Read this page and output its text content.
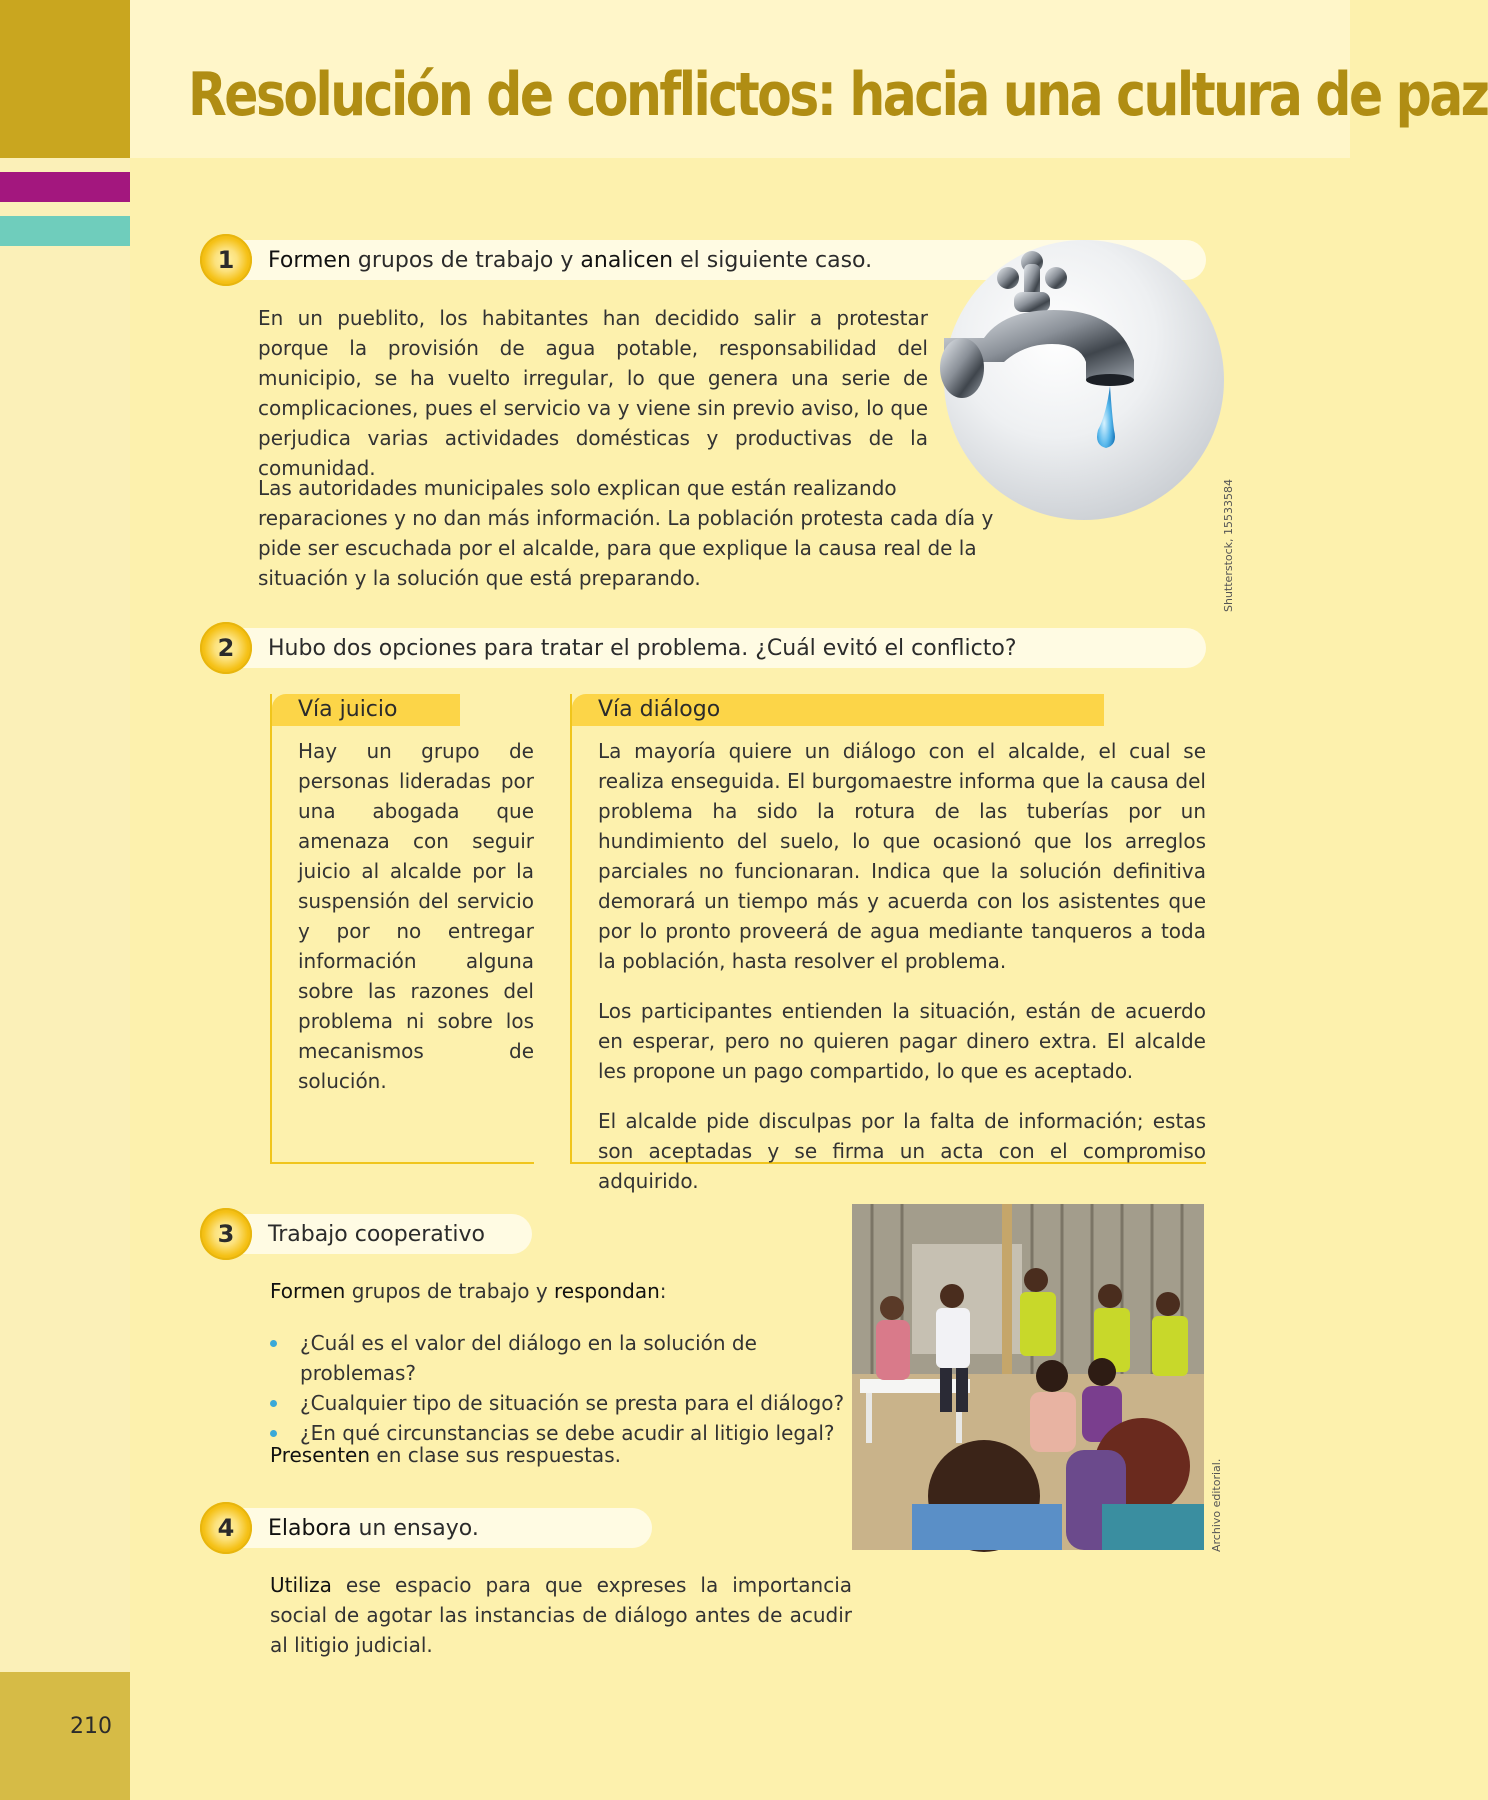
210
Resolución de conflictos: hacia una cultura de paz
1 Formen grupos de trabajo y analicen el siguiente caso.
Shutterstock, 15533584
En un pueblito, los habitantes han decidido salir a protestar porque la provisión de agua potable, responsabilidad del municipio, se ha vuelto irregular, lo que genera una serie de complicaciones, pues el servicio va y viene sin previo aviso, lo que perjudica varias actividades domésticas y productivas de la comunidad.
Las autoridades municipales solo explican que están realizando reparaciones y no dan más información. La población protesta cada día y pide ser escuchada por el alcalde, para que explique la causa real de la situación y la solución que está preparando.
2 Hubo dos opciones para tratar el problema. ¿Cuál evitó el conflicto?
Vía juicio
Hay un grupo de personas lideradas por una abogada que amenaza con seguir juicio al alcalde por la suspensión del servicio y por no entregar información alguna sobre las razones del problema ni sobre los mecanismos de solución.
Vía diálogo
La mayoría quiere un diálogo con el alcalde, el cual se realiza enseguida. El burgomaestre informa que la causa del problema ha sido la rotura de las tuberías por un hundimiento del suelo, lo que ocasionó que los arreglos parciales no funcionaran. Indica que la solución definitiva demorará un tiempo más y acuerda con los asistentes que por lo pronto proveerá de agua mediante tanqueros a toda la población, hasta resolver el problema.
Los participantes entienden la situación, están de acuerdo en esperar, pero no quieren pagar dinero extra. El alcalde les propone un pago compartido, lo que es aceptado.
El alcalde pide disculpas por la falta de información; estas son aceptadas y se firma un acta con el compromiso adquirido.
3 Trabajo cooperativo
Formen grupos de trabajo y respondan:
¿Cuál es el valor del diálogo en la solución de problemas?
¿Cualquier tipo de situación se presta para el diálogo?
¿En qué circunstancias se debe acudir al litigio legal?
Presenten en clase sus respuestas.
Archivo editorial.
4 Elabora un ensayo.
Utiliza ese espacio para que expreses la importancia social de agotar las instancias de diálogo antes de acudir al litigio judicial.
